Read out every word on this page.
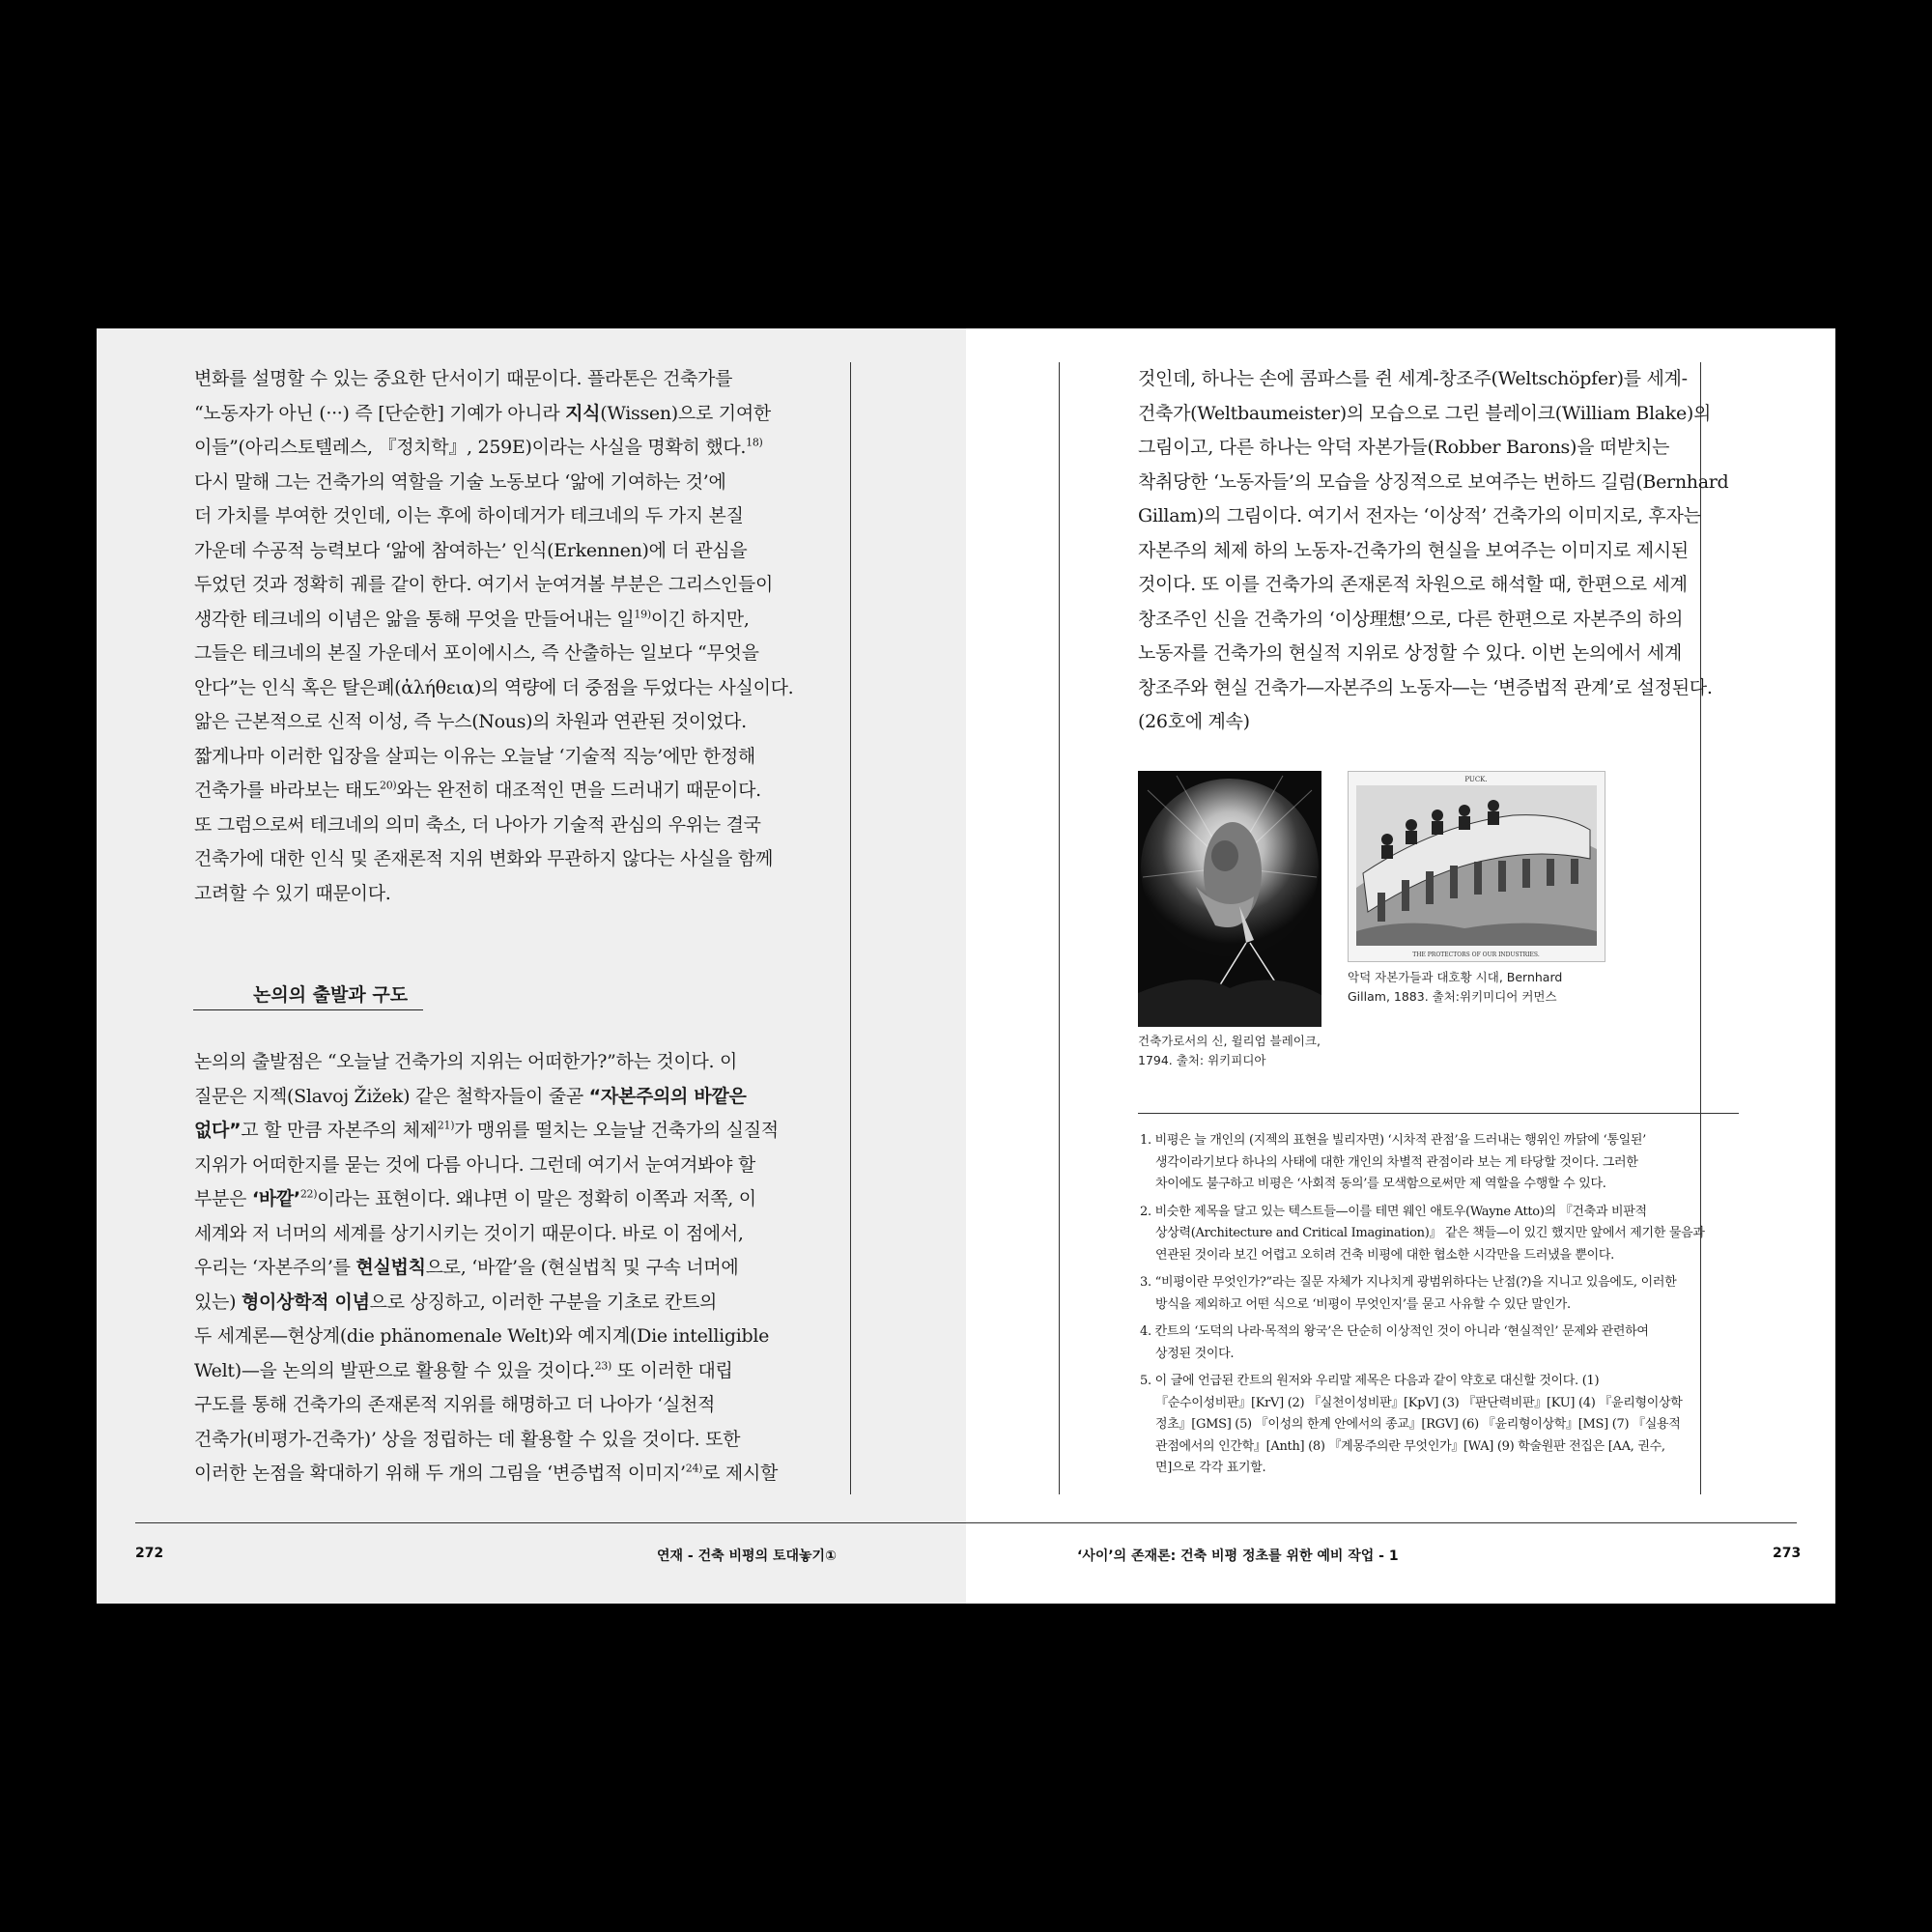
변화를 설명할 수 있는 중요한 단서이기 때문이다. 플라톤은 건축가를

“노동자가 아닌 (···) 즉 [단순한] 기예가 아니라 지식(Wissen)으로 기여한

이들”(아리스토텔레스, 『정치학』, 259E)이라는 사실을 명확히 했다.$^{18)}$

다시 말해 그는 건축가의 역할을 기술 노동보다 ‘앎에 기여하는 것’에

더 가치를 부여한 것인데, 이는 후에 하이데거가 테크네의 두 가지 본질

가운데 수공적 능력보다 ‘앎에 참여하는’ 인식(Erkennen)에 더 관심을

두었던 것과 정확히 궤를 같이 한다. 여기서 눈여겨볼 부분은 그리스인들이

생각한 테크네의 이념은 앎을 통해 무엇을 만들어내는 일$^{19)}$이긴 하지만,

그들은 테크네의 본질 가운데서 포이에시스, 즉 산출하는 일보다 “무엇을

안다”는 인식 혹은 탈은폐(ἀλήθεια)의 역량에 더 중점을 두었다는 사실이다.

앎은 근본적으로 신적 이성, 즉 누스(Nous)의 차원과 연관된 것이었다.

짧게나마 이러한 입장을 살피는 이유는 오늘날 ‘기술적 직능’에만 한정해

건축가를 바라보는 태도$^{20)}$와는 완전히 대조적인 면을 드러내기 때문이다.

또 그럼으로써 테크네의 의미 축소, 더 나아가 기술적 관심의 우위는 결국

건축가에 대한 인식 및 존재론적 지위 변화와 무관하지 않다는 사실을 함께

고려할 수 있기 때문이다.

논의의 출발과 구도

논의의 출발점은 “오늘날 건축가의 지위는 어떠한가?”하는 것이다. 이

질문은 지젝(Slavoj Žižek) 같은 철학자들이 줄곧 “자본주의의 바깥은

없다”고 할 만큼 자본주의 체제$^{21)}$가 맹위를 떨치는 오늘날 건축가의 실질적

지위가 어떠한지를 묻는 것에 다름 아니다. 그런데 여기서 눈여겨봐야 할

부분은 ‘바깥’$^{22)}$이라는 표현이다. 왜냐면 이 말은 정확히 이쪽과 저쪽, 이

세계와 저 너머의 세계를 상기시키는 것이기 때문이다. 바로 이 점에서,

우리는 ‘자본주의’를 현실법칙으로, ‘바깥’을 (현실법칙 및 구속 너머에

있는) 형이상학적 이념으로 상징하고, 이러한 구분을 기초로 칸트의

두 세계론—현상계(die phänomenale Welt)와 예지계(Die intelligible

Welt)—을 논의의 발판으로 활용할 수 있을 것이다.$^{23)}$ 또 이러한 대립

구도를 통해 건축가의 존재론적 지위를 해명하고 더 나아가 ‘실천적

건축가(비평가-건축가)’ 상을 정립하는 데 활용할 수 있을 것이다. 또한

이러한 논점을 확대하기 위해 두 개의 그림을 ‘변증법적 이미지’$^{24)}$로 제시할

272	연재 - 건축 비평의 토대놓기①

것인데, 하나는 손에 콤파스를 쥔 세계-창조주(Weltschöpfer)를 세계-

건축가(Weltbaumeister)의 모습으로 그린 블레이크(William Blake)의

그림이고, 다른 하나는 악덕 자본가들(Robber Barons)을 떠받치는

착취당한 ‘노동자들’의 모습을 상징적으로 보여주는 번하드 길럼(Bernhard

Gillam)의 그림이다. 여기서 전자는 ‘이상적’ 건축가의 이미지로, 후자는

자본주의 체제 하의 노동자-건축가의 현실을 보여주는 이미지로 제시된

것이다. 또 이를 건축가의 존재론적 차원으로 해석할 때, 한편으로 세계

창조주인 신을 건축가의 ‘이상理想’으로, 다른 한편으로 자본주의 하의

노동자를 건축가의 현실적 지위로 상정할 수 있다. 이번 논의에서 세계

창조주와 현실 건축가—자본주의 노동자—는 ‘변증법적 관계’로 설정된다.

(26호에 계속)

건축가로서의 신, 윌리엄 블레이크,
1794. 출처: 위키피디아
PUCK.
THE PROTECTORS OF OUR INDUSTRIES.
악덕 자본가들과 대호황 시대, Bernhard
Gillam, 1883. 출처:위키미디어 커먼스
1. 비평은 늘 개인의 (지젝의 표현을 빌리자면) ‘시차적 관점’을 드러내는 행위인 까닭에 ‘통일된’
생각이라기보다 하나의 사태에 대한 개인의 차별적 관점이라 보는 게 타당할 것이다. 그러한
차이에도 불구하고 비평은 ‘사회적 동의’를 모색함으로써만 제 역할을 수행할 수 있다.
2. 비슷한 제목을 달고 있는 텍스트들—이를 테면 웨인 애토우(Wayne Atto)의 『건축과 비판적
상상력(Architecture and Critical Imagination)』 같은 책들—이 있긴 했지만 앞에서 제기한 물음과
연관된 것이라 보긴 어렵고 오히려 건축 비평에 대한 협소한 시각만을 드러냈을 뿐이다.
3. “비평이란 무엇인가?”라는 질문 자체가 지나치게 광범위하다는 난점(?)을 지니고 있음에도, 이러한
방식을 제외하고 어떤 식으로 ‘비평이 무엇인지’를 묻고 사유할 수 있단 말인가.
4. 칸트의 ‘도덕의 나라·목적의 왕국’은 단순히 이상적인 것이 아니라 ‘현실적인’ 문제와 관련하여
상정된 것이다.
5. 이 글에 언급된 칸트의 원저와 우리말 제목은 다음과 같이 약호로 대신할 것이다. (1)
『순수이성비판』[KrV] (2) 『실천이성비판』[KpV] (3) 『판단력비판』[KU] (4) 『윤리형이상학
정초』[GMS] (5) 『이성의 한계 안에서의 종교』[RGV] (6) 『윤리형이상학』[MS] (7) 『실용적
관점에서의 인간학』[Anth] (8) 『계몽주의란 무엇인가』[WA] (9) 학술원판 전집은 [AA, 권수,
면]으로 각각 표기할.
‘사이’의 존재론: 건축 비평 정초를 위한 예비 작업 - 1	273
